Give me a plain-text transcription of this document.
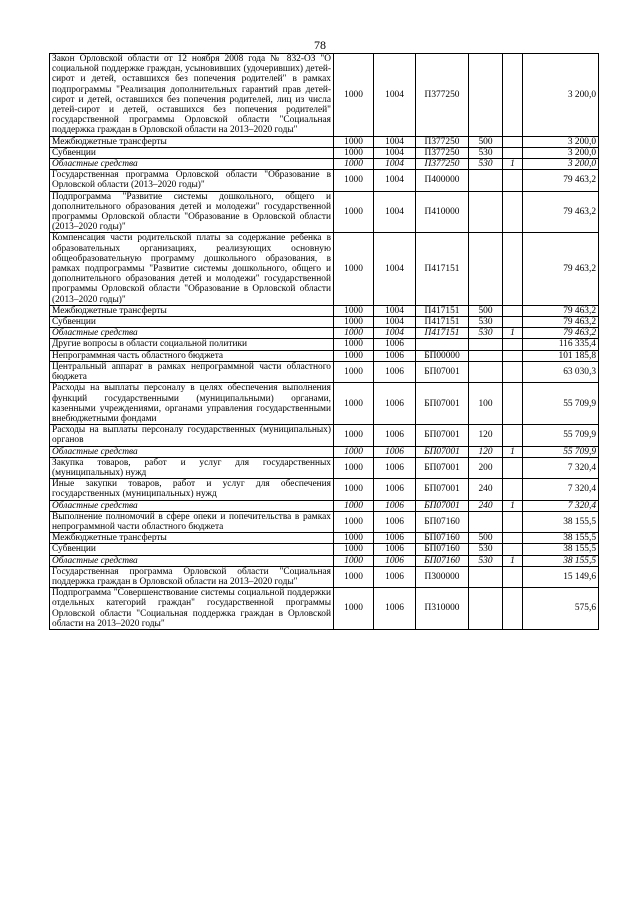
78
Закон Орловской области от 12 ноября 2008 года № 832-ОЗ "О социальной поддержке граждан, усыновивших (удочеривших) детей-сирот и детей, оставшихся без попечения родителей" в рамках подпрограммы "Реализация дополнительных гарантий прав детей-сирот и детей, оставшихся без попечения родителей, лиц из числа детей-сирот и детей, оставшихся без попечения родителей" государственной программы Орловской области "Социальная поддержка граждан в Орловской области на 2013–2020 годы"	1000	1004	П377250			3 200,0
Межбюджетные трансферты	1000	1004	П377250	500		3 200,0
Субвенции	1000	1004	П377250	530		3 200,0
Областные средства	1000	1004	П377250	530	1	3 200,0
Государственная программа Орловской области "Образование в Орловской области (2013–2020 годы)"	1000	1004	П400000			79 463,2
Подпрограмма "Развитие системы дошкольного, общего и дополнительного образования детей и молодежи" государственной программы Орловской области "Образование в Орловской области (2013–2020 годы)"	1000	1004	П410000			79 463,2
Компенсация части родительской платы за содержание ребенка в образовательных организациях, реализующих основную общеобразовательную программу дошкольного образования, в рамках подпрограммы "Развитие системы дошкольного, общего и дополнительного образования детей и молодежи" государственной программы Орловской области "Образование в Орловской области (2013–2020 годы)"	1000	1004	П417151			79 463,2
Межбюджетные трансферты	1000	1004	П417151	500		79 463,2
Субвенции	1000	1004	П417151	530		79 463,2
Областные средства	1000	1004	П417151	530	1	79 463,2
Другие вопросы в области социальной политики	1000	1006				116 335,4
Непрограммная часть областного бюджета	1000	1006	БП00000			101 185,8
Центральный аппарат в рамках непрограммной части областного бюджета	1000	1006	БП07001			63 030,3
Расходы на выплаты персоналу в целях обеспечения выполнения функций государственными (муниципальными) органами, казенными учреждениями, органами управления государственными внебюджетными фондами	1000	1006	БП07001	100		55 709,9
Расходы на выплаты персоналу государственных (муниципальных) органов	1000	1006	БП07001	120		55 709,9
Областные средства	1000	1006	БП07001	120	1	55 709,9
Закупка товаров, работ и услуг для государственных (муниципальных) нужд	1000	1006	БП07001	200		7 320,4
Иные закупки товаров, работ и услуг для обеспечения государственных (муниципальных) нужд	1000	1006	БП07001	240		7 320,4
Областные средства	1000	1006	БП07001	240	1	7 320,4
Выполнение полномочий в сфере опеки и попечительства в рамках непрограммной части областного бюджета	1000	1006	БП07160			38 155,5
Межбюджетные трансферты	1000	1006	БП07160	500		38 155,5
Субвенции	1000	1006	БП07160	530		38 155,5
Областные средства	1000	1006	БП07160	530	1	38 155,5
Государственная программа Орловской области "Социальная поддержка граждан в Орловской области на 2013–2020 годы"	1000	1006	П300000			15 149,6
Подпрограмма "Совершенствование системы социальной поддержки отдельных категорий граждан" государственной программы Орловской области "Социальная поддержка граждан в Орловской области на 2013–2020 годы"	1000	1006	П310000			575,6
